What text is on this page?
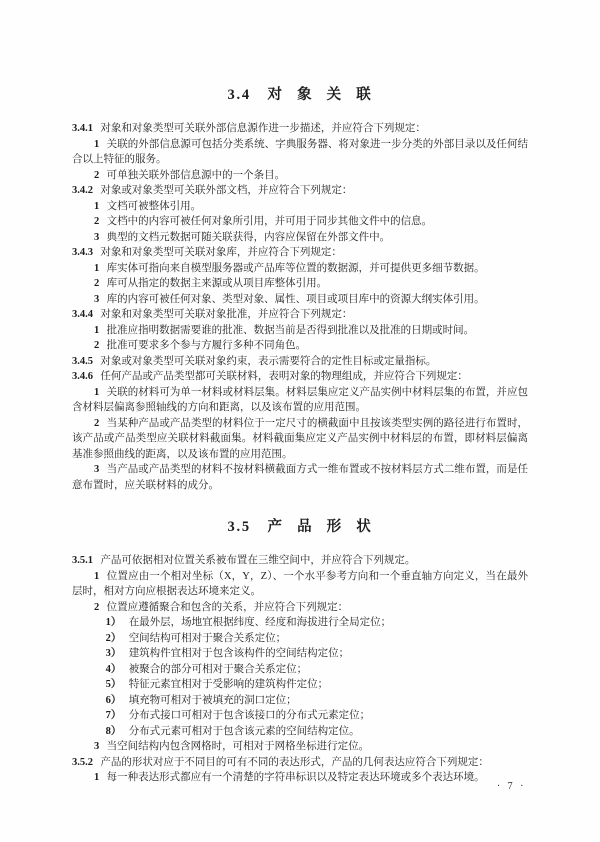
3.4 对 象 关 联

3.4.1 对象和对象类型可关联外部信息源作进一步描述，并应符合下列规定：

1 关联的外部信息源可包括分类系统、字典服务器、将对象进一步分类的外部目录以及任何结合以上特征的服务。

2 可单独关联外部信息源中的一个条目。

3.4.2 对象或对象类型可关联外部文档，并应符合下列规定：

1 文档可被整体引用。

2 文档中的内容可被任何对象所引用，并可用于同步其他文件中的信息。

3 典型的文档元数据可随关联获得，内容应保留在外部文件中。

3.4.3 对象和对象类型可关联对象库，并应符合下列规定：

1 库实体可指向来自模型服务器或产品库等位置的数据源，并可提供更多细节数据。

2 库可从指定的数据主来源或从项目库整体引用。

3 库的内容可被任何对象、类型对象、属性、项目或项目库中的资源大纲实体引用。

3.4.4 对象和对象类型可关联对象批准，并应符合下列规定：

1 批准应指明数据需要谁的批准、数据当前是否得到批准以及批准的日期或时间。

2 批准可要求多个参与方履行多种不同角色。

3.4.5 对象或对象类型可关联对象约束，表示需要符合的定性目标或定量指标。

3.4.6 任何产品或产品类型都可关联材料，表明对象的物理组成，并应符合下列规定：

1 关联的材料可为单一材料或材料层集。材料层集应定义产品实例中材料层集的布置，并应包含材料层偏离参照轴线的方向和距离，以及该布置的应用范围。

2 当某种产品或产品类型的材料位于一定尺寸的横截面中且按该类型实例的路径进行布置时，该产品或产品类型应关联材料截面集。材料截面集应定义产品实例中材料层的布置，即材料层偏离基准参照曲线的距离，以及该布置的应用范围。

3 当产品或产品类型的材料不按材料横截面方式一维布置或不按材料层方式二维布置，而是任意布置时，应关联材料的成分。

3.5 产 品 形 状

3.5.1 产品可依据相对位置关系被布置在三维空间中，并应符合下列规定。

1 位置应由一个相对坐标（X，Y，Z）、一个水平参考方向和一个垂直轴方向定义，当在最外层时，相对方向应根据表达环境来定义。

2 位置应遵循聚合和包含的关系，并应符合下列规定：

1） 在最外层，场地宜根据纬度、经度和海拔进行全局定位；

2） 空间结构可相对于聚合关系定位；

3） 建筑构件宜相对于包含该构件的空间结构定位；

4） 被聚合的部分可相对于聚合关系定位；

5） 特征元素宜相对于受影响的建筑构件定位；

6） 填充物可相对于被填充的洞口定位；

7） 分布式接口可相对于包含该接口的分布式元素定位；

8） 分布式元素可相对于包含该元素的空间结构定位。

3 当空间结构内包含网格时，可相对于网格坐标进行定位。

3.5.2 产品的形状对应于不同目的可有不同的表达形式，产品的几何表达应符合下列规定：

1 每一种表达形式都应有一个清楚的字符串标识以及特定表达环境或多个表达环境。

· 7 ·
